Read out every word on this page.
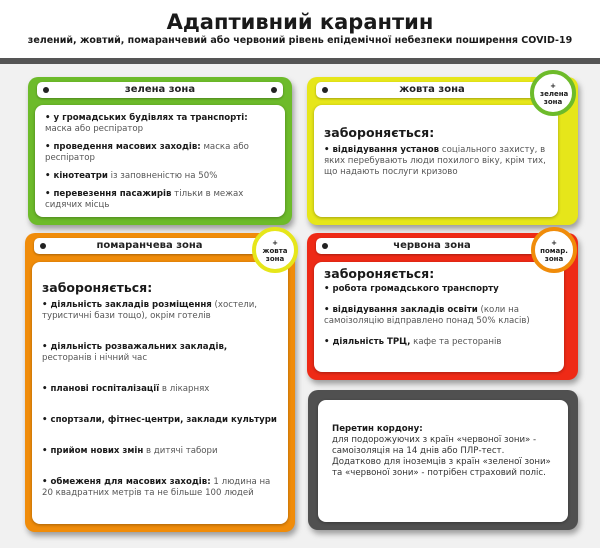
Адаптивний карантин
зелений, жовтий, помаранчевий або червоний рівень епідемічної небезпеки поширення COVID-19
зелена зона
• у громадських будівлях та транспорті: маска або респіратор
• проведення масових заходів: маска або респіратор
• кінотеатри із заповненістю на 50%
• перевезення пасажирів тільки в межах сидячих місць
жовта зона
забороняється:
• відвідування установ соціального захисту, в яких перебувають люди похилого віку, крім тих, що надають послуги кризово
+
зелена зона
помаранчева зона
забороняється:
• діяльність закладів розміщення (хостели, туристичні бази тощо), окрім готелів
• діяльність розважальних закладів, ресторанів і нічний час
• планові госпіталізації в лікарнях
• спортзали, фітнес-центри, заклади культури
• прийом нових змін в дитячі табори
• обмеженя для масових заходів: 1 людина на 20 квадратних метрів та не більше 100 людей
+
жовта зона
червона зона
забороняється:
• робота громадського транспорту
• відвідування закладів освіти (коли на самоізоляцію відправлено понад 50% класів)
• діяльність ТРЦ, кафе та ресторанів
+
помар. зона
Перетин кордону:
для подорожуючих з країн «червоної зони» - самоізоляція на 14 днів або ПЛР-тест. Додатково для іноземців з країн «зеленої зони» та «червоної зони» - потрібен страховий поліс.
